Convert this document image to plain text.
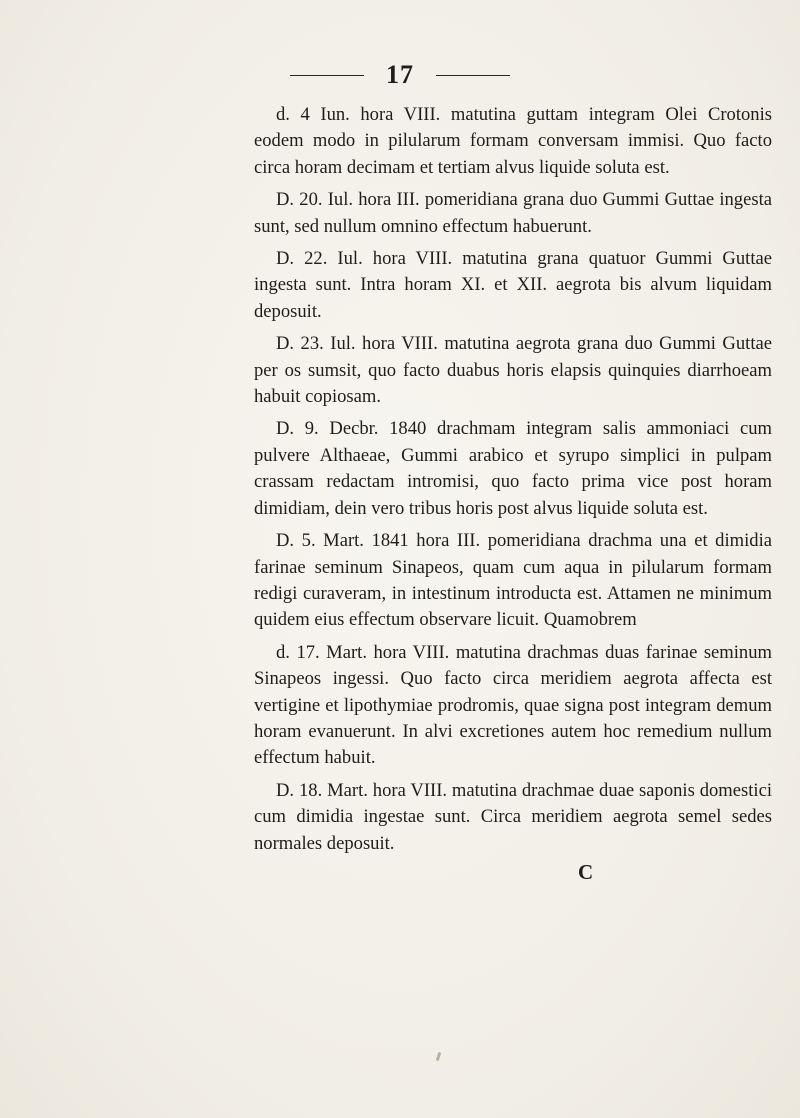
17

d. 4 Iun. hora VIII. matutina guttam integram Olei Crotonis eodem modo in pilularum formam conversam immisi. Quo facto circa horam decimam et tertiam alvus liquide soluta est.

D. 20. Iul. hora III. pomeridiana grana duo Gummi Guttae ingesta sunt, sed nullum omnino effectum habuerunt.

D. 22. Iul. hora VIII. matutina grana quatuor Gummi Guttae ingesta sunt. Intra horam XI. et XII. aegrota bis alvum liquidam deposuit.

D. 23. Iul. hora VIII. matutina aegrota grana duo Gummi Guttae per os sumsit, quo facto duabus horis elapsis quinquies diarrhoeam habuit copiosam.

D. 9. Decbr. 1840 drachmam integram salis ammoniaci cum pulvere Althaeae, Gummi arabico et syrupo simplici in pulpam crassam redactam intromisi, quo facto prima vice post horam dimidiam, dein vero tribus horis post alvus liquide soluta est.

D. 5. Mart. 1841 hora III. pomeridiana drachma una et dimidia farinae seminum Sinapeos, quam cum aqua in pilularum formam redigi curaveram, in intestinum introducta est. Attamen ne minimum quidem eius effectum observare licuit. Quamobrem

d. 17. Mart. hora VIII. matutina drachmas duas farinae seminum Sinapeos ingessi. Quo facto circa meridiem aegrota affecta est vertigine et lipothymiae prodromis, quae signa post integram demum horam evanuerunt. In alvi excretiones autem hoc remedium nullum effectum habuit.

D. 18. Mart. hora VIII. matutina drachmae duae saponis domestici cum dimidia ingestae sunt. Circa meridiem aegrota semel sedes normales deposuit.

C
